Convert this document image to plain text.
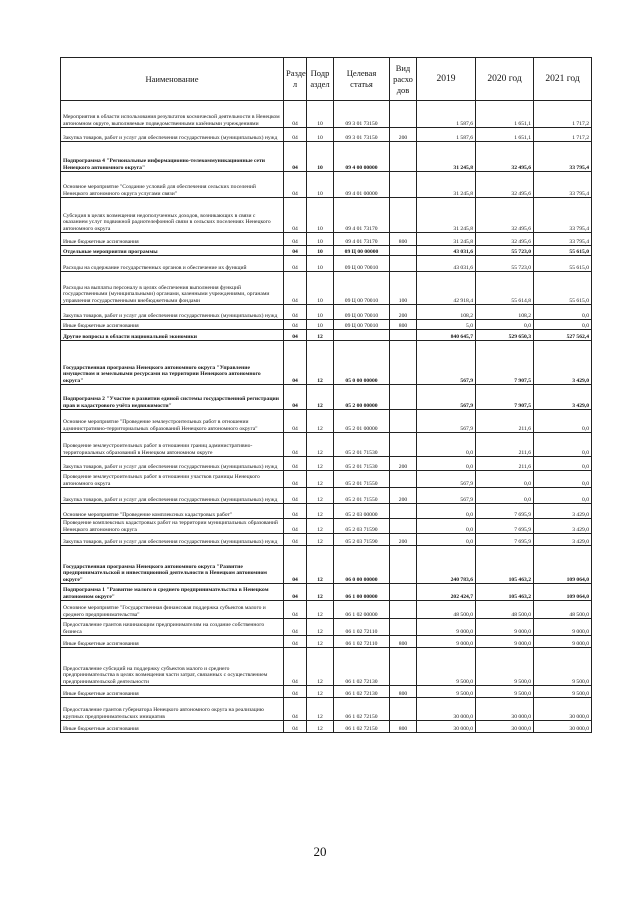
Наименование	Разде л	Подр аздел	Целевая статья	Вид расхо дов	2019	2020 год	2021 год
Мероприятия в области использования результатов космической деятельности в Ненецком автономном округе, выполняемые подведомственными казёнными учреждениями	04	10	09 3 01 73150		1 587,6	1 651,1	1 717,2
Закупка товаров, работ и услуг для обеспечения государственных (муниципальных) нужд	04	10	09 3 01 73150	200	1 587,6	1 651,1	1 717,2
Подпрограмма 4 "Региональные информационно-телекоммуникационные сети Ненецкого автономного округа"	04	10	09 4 00 00000		31 245,8	32 495,6	33 795,4
Основное мероприятие "Создание условий для обеспечения сельских поселений Ненецкого автономного округа услугами связи"	04	10	09 4 01 00000		31 245,8	32 495,6	33 795,4
Субсидия в целях возмещения недополученных доходов, возникающих в связи с оказанием услуг подвижной радиотелефонной связи в сельских поселениях Ненецкого автономного округа	04	10	09 4 01 73170		31 245,8	32 495,6	33 795,4
Иные бюджетные ассигнования	04	10	09 4 01 73170	800	31 245,8	32 495,6	33 795,4
Отдельные мероприятия программы	04	10	09 Ц 00 00000		43 031,6	55 723,0	55 615,0
Расходы на содержание государственных органов и обеспечение их функций	04	10	09 Ц 00 70010		43 031,6	55 723,0	55 615,0
Расходы на выплаты персоналу в целях обеспечения выполнения функций государственными (муниципальными) органами, казенными учреждениями, органами управления государственными внебюджетными фондами	04	10	09 Ц 00 70010	100	42 918,4	55 614,8	55 615,0
Закупка товаров, работ и услуг для обеспечения государственных (муниципальных) нужд	04	10	09 Ц 00 70010	200	108,2	108,2	0,0
Иные бюджетные ассигнования	04	10	09 Ц 00 70010	800	5,0	0,0	0,0
Другие вопросы в области национальной экономики	04	12			840 645,7	529 650,3	527 562,4
Государственная программа Ненецкого автономного округа "Управление имуществом и земельными ресурсами на территории Ненецкого автономного округа"	04	12	05 0 00 00000		567,9	7 907,5	3 429,0
Подпрограмма 2 "Участие в развитии единой системы государственной регистрации прав и кадастрового учёта недвижимости"	04	12	05 2 00 00000		567,9	7 907,5	3 429,0
Основное мероприятие "Проведение землеустроительных работ в отношении административно-территориальных образований Ненецкого автономного округа"	04	12	05 2 01 00000		567,9	211,6	0,0
Проведение землеустроительных работ в отношении границ административно-территориальных образований в Ненецком автономном округе	04	12	05 2 01 71530		0,0	211,6	0,0
Закупка товаров, работ и услуг для обеспечения государственных (муниципальных) нужд	04	12	05 2 01 71530	200	0,0	211,6	0,0
Проведение землеустроительных работ в отношении участков границы Ненецкого автономного округа	04	12	05 2 01 71550		567,9	0,0	0,0
Закупка товаров, работ и услуг для обеспечения государственных (муниципальных) нужд	04	12	05 2 01 71550	200	567,9	0,0	0,0
Основное мероприятие "Проведение комплексных кадастровых работ"	04	12	05 2 03 00000		0,0	7 695,9	3 429,0
Проведение комплексных кадастровых работ на территории муниципальных образований Ненецкого автономного округа	04	12	05 2 03 71590		0,0	7 695,9	3 429,0
Закупка товаров, работ и услуг для обеспечения государственных (муниципальных) нужд	04	12	05 2 03 71590	200	0,0	7 695,9	3 429,0
Государственная программа Ненецкого автономного округа "Развитие предпринимательской и инвестиционной деятельности в Ненецком автономном округе"	04	12	06 0 00 00000		240 783,6	105 463,2	109 064,0
Подпрограмма 1 "Развитие малого и среднего предпринимательства в Ненецком автономном округе"	04	12	06 1 00 00000		202 424,7	105 463,2	109 064,0
Основное мероприятие "Государственная финансовая поддержка субъектов малого и среднего предпринимательства"	04	12	06 1 02 00000		48 500,0	48 500,0	48 500,0
Предоставление грантов начинающим предпринимателям на создание собственного бизнеса	04	12	06 1 02 72110		9 000,0	9 000,0	9 000,0
Иные бюджетные ассигнования	04	12	06 1 02 72110	800	9 000,0	9 000,0	9 000,0
Предоставление субсидий на поддержку субъектов малого и среднего предпринимательства в целях возмещения части затрат, связанных с осуществлением предпринимательской деятельности	04	12	06 1 02 72130		9 500,0	9 500,0	9 500,0
Иные бюджетные ассигнования	04	12	06 1 02 72130	800	9 500,0	9 500,0	9 500,0
Предоставление грантов губернатора Ненецкого автономного округа на реализацию крупных предпринимательских инициатив	04	12	06 1 02 72150		30 000,0	30 000,0	30 000,0
Иные бюджетные ассигнования	04	12	06 1 02 72150	800	30 000,0	30 000,0	30 000,0
20
